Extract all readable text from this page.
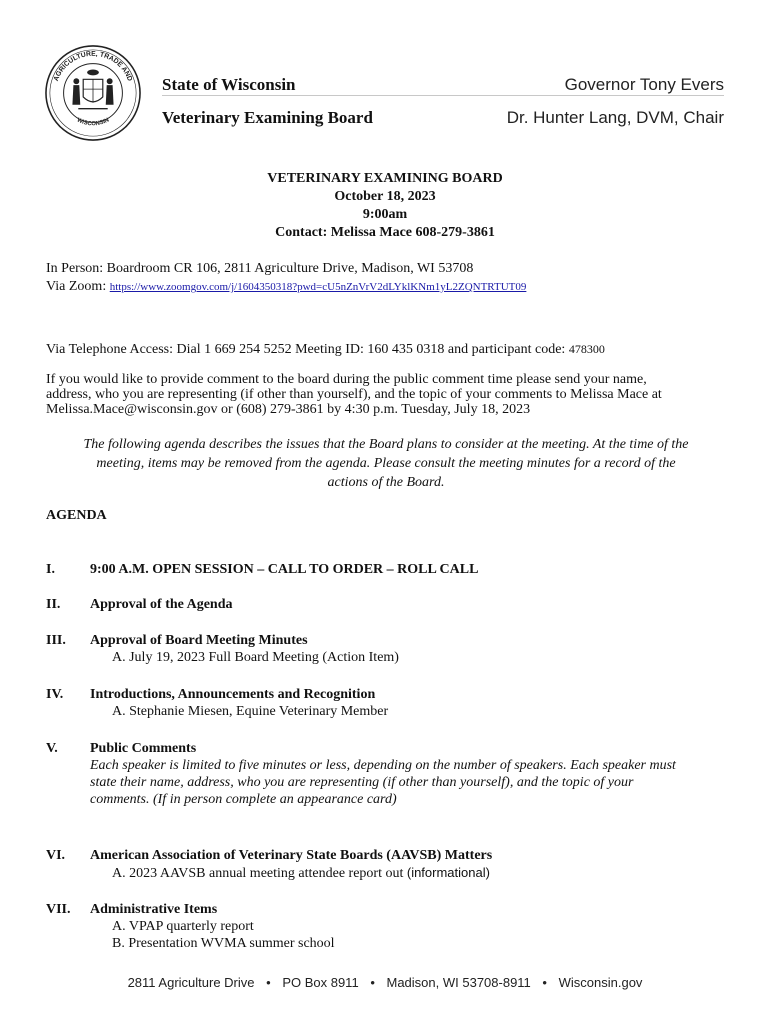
AGRICULTURE, TRADE AND
WISCONSIN
State of Wisconsin
Veterinary Examining Board
Governor Tony Evers
Dr. Hunter Lang, DVM, Chair
VETERINARY EXAMINING BOARD
October 18, 2023
9:00am
Contact: Melissa Mace 608-279-3861
In Person: Boardroom CR 106, 2811 Agriculture Drive, Madison, WI 53708
Via Zoom: https://www.zoomgov.com/j/1604350318?pwd=cU5nZnVrV2dLYklKNm1yL2ZQNTRTUT09
Via Telephone Access: Dial 1 669 254 5252 Meeting ID: 160 435 0318 and participant code: 478300
If you would like to provide comment to the board during the public comment time please send your name,
address, who you are representing (if other than yourself), and the topic of your comments to Melissa Mace at
Melissa.Mace@wisconsin.gov or (608) 279-3861 by 4:30 p.m. Tuesday, July 18, 2023
The following agenda describes the issues that the Board plans to consider at the meeting. At the time of the
meeting, items may be removed from the agenda. Please consult the meeting minutes for a record of the
actions of the Board.
AGENDA
I.	9:00 A.M. OPEN SESSION – CALL TO ORDER – ROLL CALL
II. Approval of the Agenda
III. Approval of Board Meeting Minutes
A. July 19, 2023 Full Board Meeting (Action Item)
IV. Introductions, Announcements and Recognition
A. Stephanie Miesen, Equine Veterinary Member
V. Public Comments
Each speaker is limited to five minutes or less, depending on the number of speakers. Each speaker must
state their name, address, who you are representing (if other than yourself), and the topic of your
comments. (If in person complete an appearance card)
VI. American Association of Veterinary State Boards (AAVSB) Matters
A. 2023 AAVSB annual meeting attendee report out (informational)
VII. Administrative Items
A. VPAP quarterly report
B. Presentation WVMA summer school
2811 Agriculture Drive • PO Box 8911 • Madison, WI 53708-8911 • Wisconsin.gov
